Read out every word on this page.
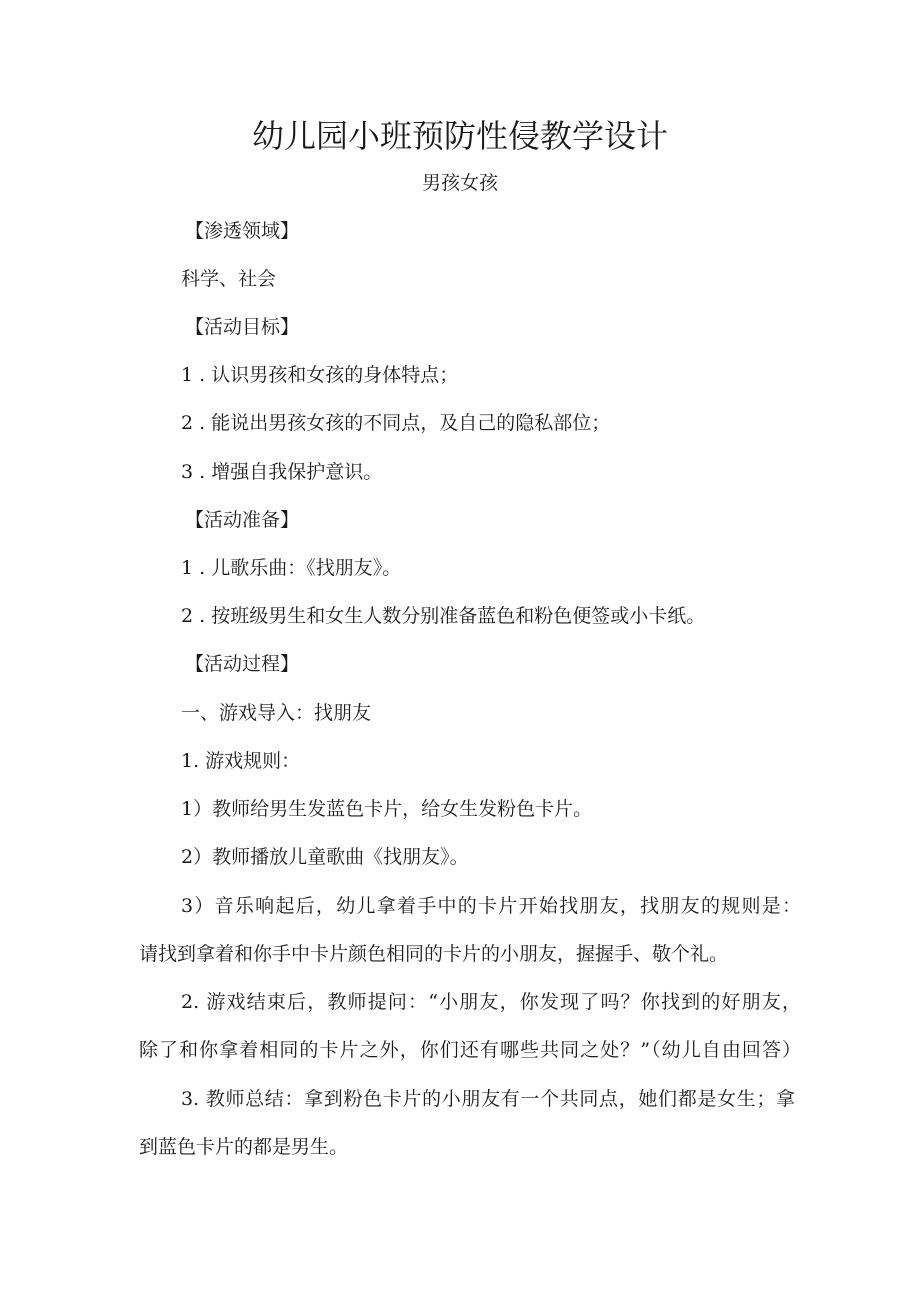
幼儿园小班预防性侵教学设计
男孩女孩
【渗透领域】
科学、社会
【活动目标】
1 . 认识男孩和女孩的身体特点；
2 . 能说出男孩女孩的不同点，及自己的隐私部位；
3 . 增强自我保护意识。
【活动准备】
1 . 儿歌乐曲：《找朋友》。
2 . 按班级男生和女生人数分别准备蓝色和粉色便签或小卡纸。
【活动过程】
一、游戏导入：找朋友
1. 游戏规则：
1）教师给男生发蓝色卡片，给女生发粉色卡片。
2）教师播放儿童歌曲《找朋友》。
3）音乐响起后，幼儿拿着手中的卡片开始找朋友，找朋友的规则是：
请找到拿着和你手中卡片颜色相同的卡片的小朋友，握握手、敬个礼。
2. 游戏结束后，教师提问：“小朋友，你发现了吗？你找到的好朋友，
除了和你拿着相同的卡片之外，你们还有哪些共同之处？”（幼儿自由回答）
3. 教师总结：拿到粉色卡片的小朋友有一个共同点，她们都是女生；拿
到蓝色卡片的都是男生。
